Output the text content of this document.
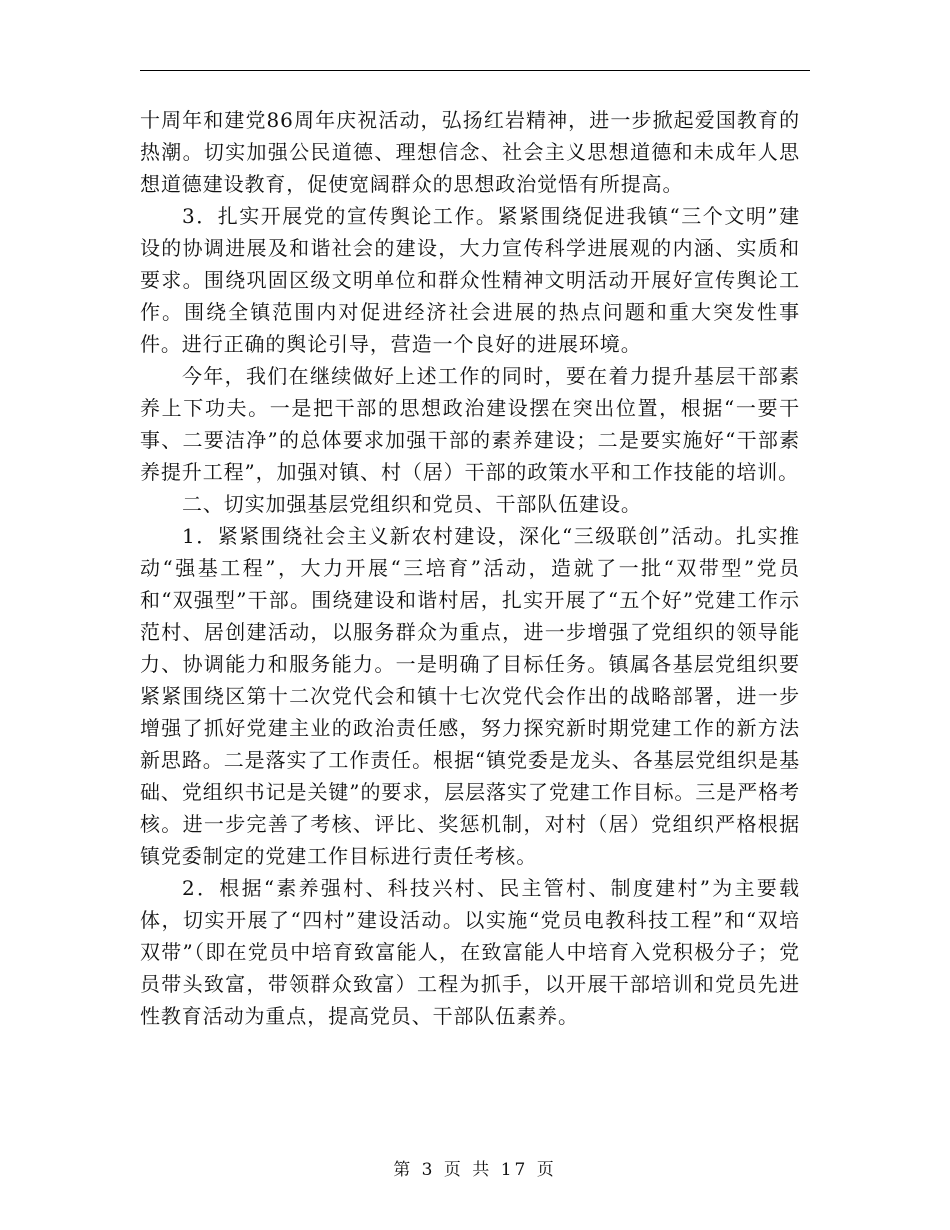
十周年和建党86周年庆祝活动，弘扬红岩精神，进一步掀起爱国教育的热潮。切实加强公民道德、理想信念、社会主义思想道德和未成年人思想道德建设教育，促使宽阔群众的思想政治觉悟有所提高。

3．扎实开展党的宣传舆论工作。紧紧围绕促进我镇“三个文明”建设的协调进展及和谐社会的建设，大力宣传科学进展观的内涵、实质和要求。围绕巩固区级文明单位和群众性精神文明活动开展好宣传舆论工作。围绕全镇范围内对促进经济社会进展的热点问题和重大突发性事件。进行正确的舆论引导，营造一个良好的进展环境。

今年，我们在继续做好上述工作的同时，要在着力提升基层干部素养上下功夫。一是把干部的思想政治建设摆在突出位置，根据“一要干事、二要洁净”的总体要求加强干部的素养建设；二是要实施好“干部素养提升工程”，加强对镇、村（居）干部的政策水平和工作技能的培训。

二、切实加强基层党组织和党员、干部队伍建设。

1．紧紧围绕社会主义新农村建设，深化“三级联创”活动。扎实推动“强基工程”，大力开展“三培育”活动，造就了一批“双带型”党员和“双强型”干部。围绕建设和谐村居，扎实开展了“五个好”党建工作示范村、居创建活动，以服务群众为重点，进一步增强了党组织的领导能力、协调能力和服务能力。一是明确了目标任务。镇属各基层党组织要紧紧围绕区第十二次党代会和镇十七次党代会作出的战略部署，进一步增强了抓好党建主业的政治责任感，努力探究新时期党建工作的新方法新思路。二是落实了工作责任。根据“镇党委是龙头、各基层党组织是基础、党组织书记是关键”的要求，层层落实了党建工作目标。三是严格考核。进一步完善了考核、评比、奖惩机制，对村（居）党组织严格根据镇党委制定的党建工作目标进行责任考核。

2．根据“素养强村、科技兴村、民主管村、制度建村”为主要载体，切实开展了“四村”建设活动。以实施“党员电教科技工程”和“双培双带”（即在党员中培育致富能人，在致富能人中培育入党积极分子；党员带头致富，带领群众致富）工程为抓手，以开展干部培训和党员先进性教育活动为重点，提高党员、干部队伍素养。

第 3 页 共 17 页
